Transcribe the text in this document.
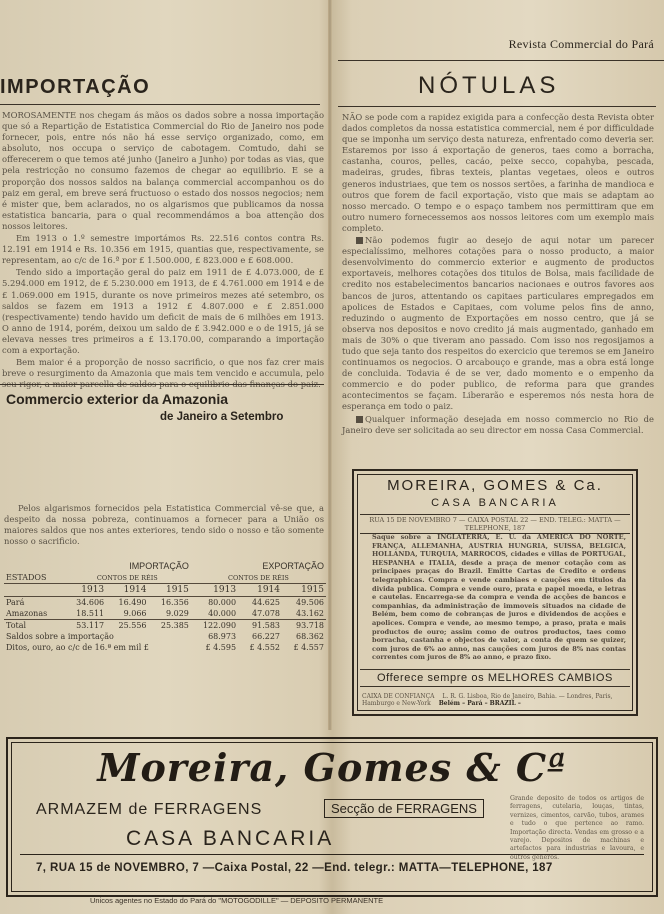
Revista Commercial do Pará
IMPORTAÇÃO

MOROSAMENTE nos chegam ás mãos os dados sobre a nossa importação que só a Repartição de Estatistica Commercial do Rio de Janeiro nos pode fornecer, pois, entre nós não há esse serviço organizado, como, em absoluto, nos occupa o serviço de cabotagem. Comtudo, dahi se offerecerem o que temos até junho (Janeiro a Junho) por todas as vias, que pela restricção no consumo fazemos de chegar ao equilibrio. E se a proporção dos nossos saldos na balança commercial accompanhou os do paiz em geral, em breve será fructuoso o estado dos nossos negocios; nem é mister que, bem aclarados, no os algarismos que publicamos da nossa estatistica bancaria, para o qual recommendámos a boa attenção dos nossos leitores.

Em 1913 o 1.º semestre importámos Rs. 22.516 contos contra Rs. 12.191 em 1914 e Rs. 10.356 em 1915, quantias que, respectivamente, se representam, ao c/c de 16.ª por £ 1.500.000, £ 823.000 e £ 608.000.

Tendo sido a importação geral do paiz em 1911 de £ 4.073.000, de £ 5.294.000 em 1912, de £ 5.230.000 em 1913, de £ 4.761.000 em 1914 e de £ 1.069.000 em 1915, durante os nove primeiros mezes até setembro, os saldos se fazem em 1913 a 1912 £ 4.807.000 e £ 2.851.000 (respectivamente) tendo havido um deficit de mais de 6 milhões em 1913. O anno de 1914, porém, deixou um saldo de £ 3.942.000 e o de 1915, já se elevava nesses tres primeiros a £ 13.170.00, comparando a importação com a exportação.

Bem maior é a proporção de nosso sacrificio, o que nos faz crer mais breve o resurgimento da Amazonia que mais tem vencido e accumula, pelo seu rigor, a maior parcella de saldos para o equilibrio das finanças do paiz.

Commercio exterior da Amazonia
de Janeiro a Setembro

Pelos algarismos fornecidos pela Estatistica Commercial vê-se que, a despeito da nossa pobreza, continuamos a fornecer para a União os maiores saldos que nos antes exteriores, tendo sido o nosso e tão somente nosso o sacrificio.

	IMPORTAÇÃO			EXPORTAÇÃO		
ESTADOS	CONTOS DE RÉIS			CONTOS DE RÉIS		
	1913	1914	1915	1913	1914	1915
Pará	34.606	16.490	16.356	80.000	44.625	49.506
Amazonas	18.511	9.066	9.029	40.000	47.078	43.162
Total	53.117	25.556	25.385	122.090	91.583	93.718
Saldos sobre a importação				68.973	66.227	68.362
Ditos, ouro, ao c/c de 16.ª em mil £				£ 4.595	£ 4.552	£ 4.557
NÓTULAS

NÃO se pode com a rapidez exigida para a confecção desta Revista obter dados completos da nossa estatistica commercial, nem é por difficuldade que se imponha um serviço desta natureza, enfrentado como deveria ser. Estaremos por isso á exportação de generos, taes como a borracha, castanha, couros, pelles, cacáo, peixe secco, copahyba, pescada, madeiras, grudes, fibras texteis, plantas vegetaes, oleos e outros generos industriaes, que tem os nossos sertões, a farinha de mandioca e outros que forem de facil exportação, visto que mais se adaptam ao nosso mercado. O tempo e o espaço tambem nos permittiram que em outro numero fornecessemos aos nossos leitores com um exemplo mais completo.

Não podemos fugir ao desejo de aqui notar um parecer especialíssimo, melhores cotações para o nosso producto, a maior desenvolvimento do commercio exterior e augmento de productos exportaveis, melhores cotações dos titulos de Bolsa, mais facilidade de credito nos estabelecimentos bancarios nacionaes e outros favores aos bancos de juros, attentando os capitaes particulares empregados em apolices de Estados e Capitaes, com volume pelos fins de anno, reduzindo o augmento de Exportações em nosso centro, que já se observa nos depositos e novo credito já mais augmentado, ganhado em mais de 30% o que tiveram ano passado. Com isso nos regosijamos a tudo que seja tanto dos respeitos do exercicio que teremos se em Janeiro continuamos os negocios. O arcabouço e grande, mas a obra está longe de concluida. Todavia é de se ver, dado momento e o empenho da commercio e do poder publico, de reforma para que grandes acontecimentos se façam. Liberarão e esperemos nós nesta hora de esperança em todo o paiz.

Qualquer informação desejada em nosso commercio no Rio de Janeiro deve ser solicitada ao seu director em nossa Casa Commercial.

MOREIRA, GOMES & Ca.
CASA BANCARIA
RUA 15 DE NOVEMBRO 7 — CAIXA POSTAL 22 — END. TELEG.: MATTA — TELEPHONE, 187
Saque sobre a INGLATERRA, E. U. da AMERICA DO NORTE, FRANÇA, ALLEMANHA, AUSTRIA HUNGRIA, SUISSA, BELGICA, HOLLANDA, TURQUIA, MARROCOS, cidades e villas de PORTUGAL, HESPANHA e ITALIA, desde a praça de menor cotação com as principaes praças do Brazil. Emitte Cartas de Credito e ordens telegraphicas. Compra e vende cambiaes e cauções em titulos da divida publica. Compra e vende ouro, prata e papel moeda, e letras e cautelas. Encarrega-se da compra e venda de acções de bancos e companhias, da administração de immoveis situados na cidade de Belém, bem como de cobranças de juros e dividendos de acções e apolices. Compra e vende, ao mesmo tempo, a praso, prata e mais productos de ouro; assim como de outros productos, taes como borracha, castanha e objectos de valor, a conta de quem se quizer, com juros de 6% ao anno, nas cauções com juros de 8% nas contas correntes com juros de 8% ao anno, e prazo fixo.
Offerece sempre os MELHORES CAMBIOS
CAIXA DE CONFIANÇA L. R. G. Lisboa, Rio de Janeiro, Bahia. — Londres, Paris, Hamburgo e New-York Belém – Pará – BRAZIL –
Moreira, Gomes & Cª
ARMAZEM de FERRAGENS	Secção de FERRAGENS
Grande deposito de todos os artigos de ferragens, cutelaria, louças, tintas, vernizes, cimentos, carvão, tubos, arames e tudo o que pertence ao ramo. Importação directa. Vendas em grosso e a varejo. Depositos de machinas e artefactos para industrias e lavoura, e outros generos.
CASA BANCARIA
7, RUA 15 de NOVEMBRO, 7 —Caixa Postal, 22 —End. telegr.: MATTA—TELEPHONE, 187
Unicos agentes no Estado do Pará do "MOTOGODILLE" — DEPOSITO PERMANENTE
